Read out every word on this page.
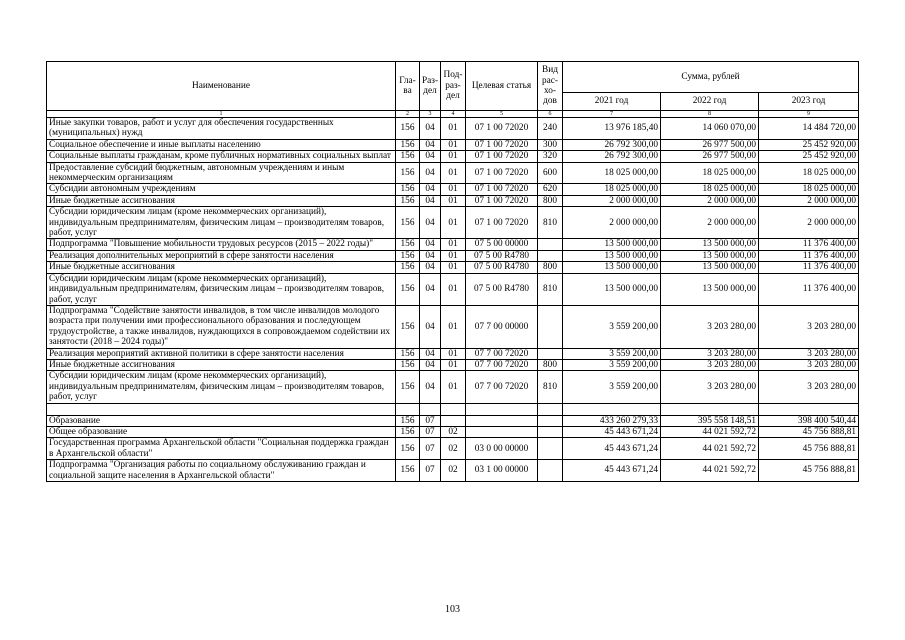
Наименование	Гла-ва	Раз-дел	Под-раз-дел	Целевая статья	Вид рас-хо-дов	Сумма, рублей		
						2021 год	2022 год	2023 год
1	2	3	4	5	6	7	8	9
Иные закупки товаров, работ и услуг для обеспечения государственных (муниципальных) нужд	156	04	01	07 1 00 72020	240	13 976 185,40	14 060 070,00	14 484 720,00
Социальное обеспечение и иные выплаты населению	156	04	01	07 1 00 72020	300	26 792 300,00	26 977 500,00	25 452 920,00
Социальные выплаты гражданам, кроме публичных нормативных социальных выплат	156	04	01	07 1 00 72020	320	26 792 300,00	26 977 500,00	25 452 920,00
Предоставление субсидий бюджетным, автономным учреждениям и иным некоммерческим организациям	156	04	01	07 1 00 72020	600	18 025 000,00	18 025 000,00	18 025 000,00
Субсидии автономным учреждениям	156	04	01	07 1 00 72020	620	18 025 000,00	18 025 000,00	18 025 000,00
Иные бюджетные ассигнования	156	04	01	07 1 00 72020	800	2 000 000,00	2 000 000,00	2 000 000,00
Субсидии юридическим лицам (кроме некоммерческих организаций), индивидуальным предпринимателям, физическим лицам – производителям товаров, работ, услуг	156	04	01	07 1 00 72020	810	2 000 000,00	2 000 000,00	2 000 000,00
Подпрограмма "Повышение мобильности трудовых ресурсов (2015 – 2022 годы)"	156	04	01	07 5 00 00000		13 500 000,00	13 500 000,00	11 376 400,00
Реализация дополнительных мероприятий в сфере занятости населения	156	04	01	07 5 00 R4780		13 500 000,00	13 500 000,00	11 376 400,00
Иные бюджетные ассигнования	156	04	01	07 5 00 R4780	800	13 500 000,00	13 500 000,00	11 376 400,00
Субсидии юридическим лицам (кроме некоммерческих организаций), индивидуальным предпринимателям, физическим лицам – производителям товаров, работ, услуг	156	04	01	07 5 00 R4780	810	13 500 000,00	13 500 000,00	11 376 400,00
Подпрограмма "Содействие занятости инвалидов, в том числе инвалидов молодого возраста при получении ими профессионального образования и последующем трудоустройстве, а также инвалидов, нуждающихся в сопровождаемом содействии их занятости (2018 – 2024 годы)"	156	04	01	07 7 00 00000		3 559 200,00	3 203 280,00	3 203 280,00
Реализация мероприятий активной политики в сфере занятости населения	156	04	01	07 7 00 72020		3 559 200,00	3 203 280,00	3 203 280,00
Иные бюджетные ассигнования	156	04	01	07 7 00 72020	800	3 559 200,00	3 203 280,00	3 203 280,00
Субсидии юридическим лицам (кроме некоммерческих организаций), индивидуальным предпринимателям, физическим лицам – производителям товаров, работ, услуг	156	04	01	07 7 00 72020	810	3 559 200,00	3 203 280,00	3 203 280,00

Образование	156	07				433 260 279,33	395 558 148,51	398 400 540,44
Общее образование	156	07	02			45 443 671,24	44 021 592,72	45 756 888,81
Государственная программа Архангельской области "Социальная поддержка граждан в Архангельской области"	156	07	02	03 0 00 00000		45 443 671,24	44 021 592,72	45 756 888,81
Подпрограмма "Организация работы по социальному обслуживанию граждан и социальной защите населения в Архангельской области"	156	07	02	03 1 00 00000		45 443 671,24	44 021 592,72	45 756 888,81
103
